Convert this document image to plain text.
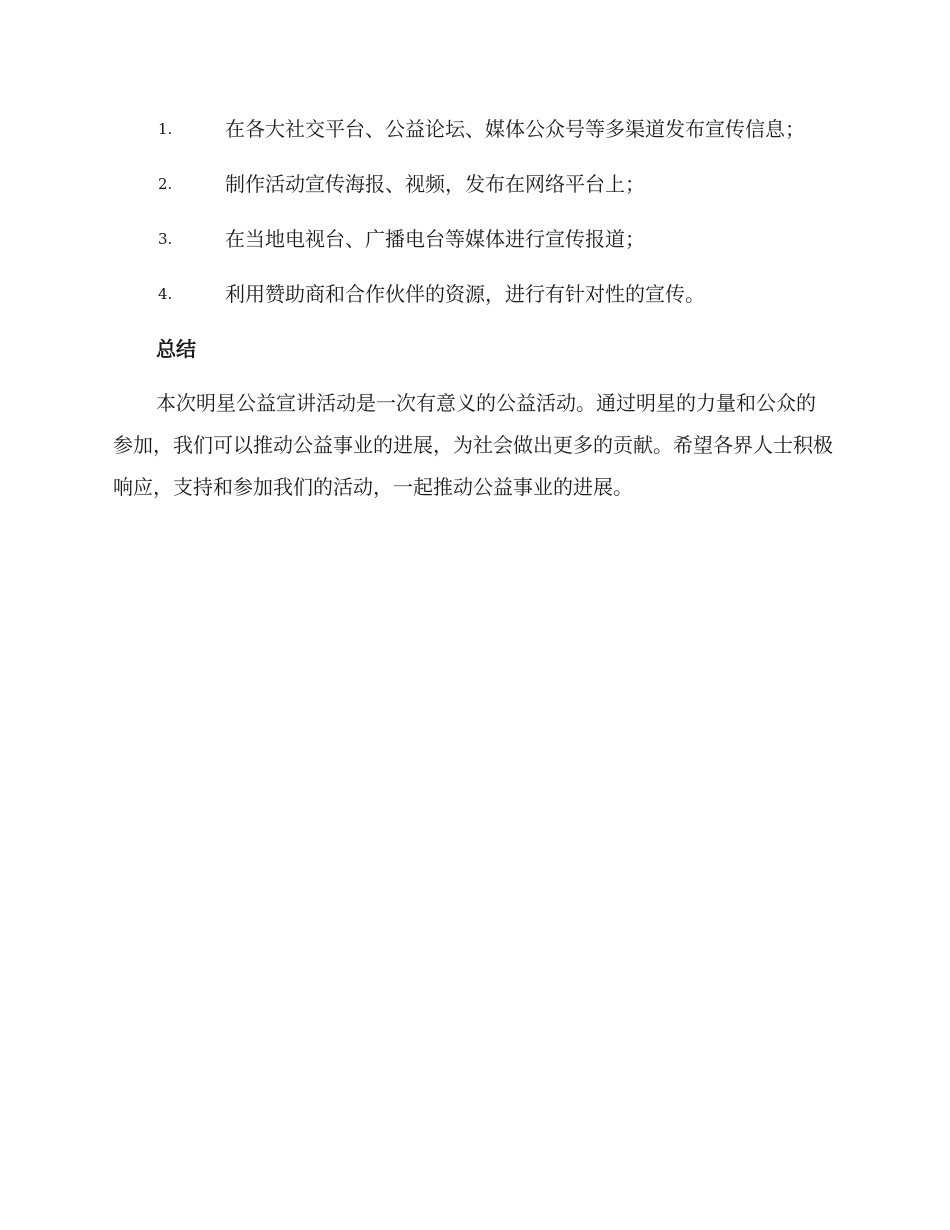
1.	在各大社交平台、公益论坛、媒体公众号等多渠道发布宣传信息；
2.	制作活动宣传海报、视频，发布在网络平台上；
3.	在当地电视台、广播电台等媒体进行宣传报道；
4.	利用赞助商和合作伙伴的资源，进行有针对性的宣传。
总结

本次明星公益宣讲活动是一次有意义的公益活动。通过明星的力量和公众的参加，我们可以推动公益事业的进展，为社会做出更多的贡献。希望各界人士积极响应，支持和参加我们的活动，一起推动公益事业的进展。
